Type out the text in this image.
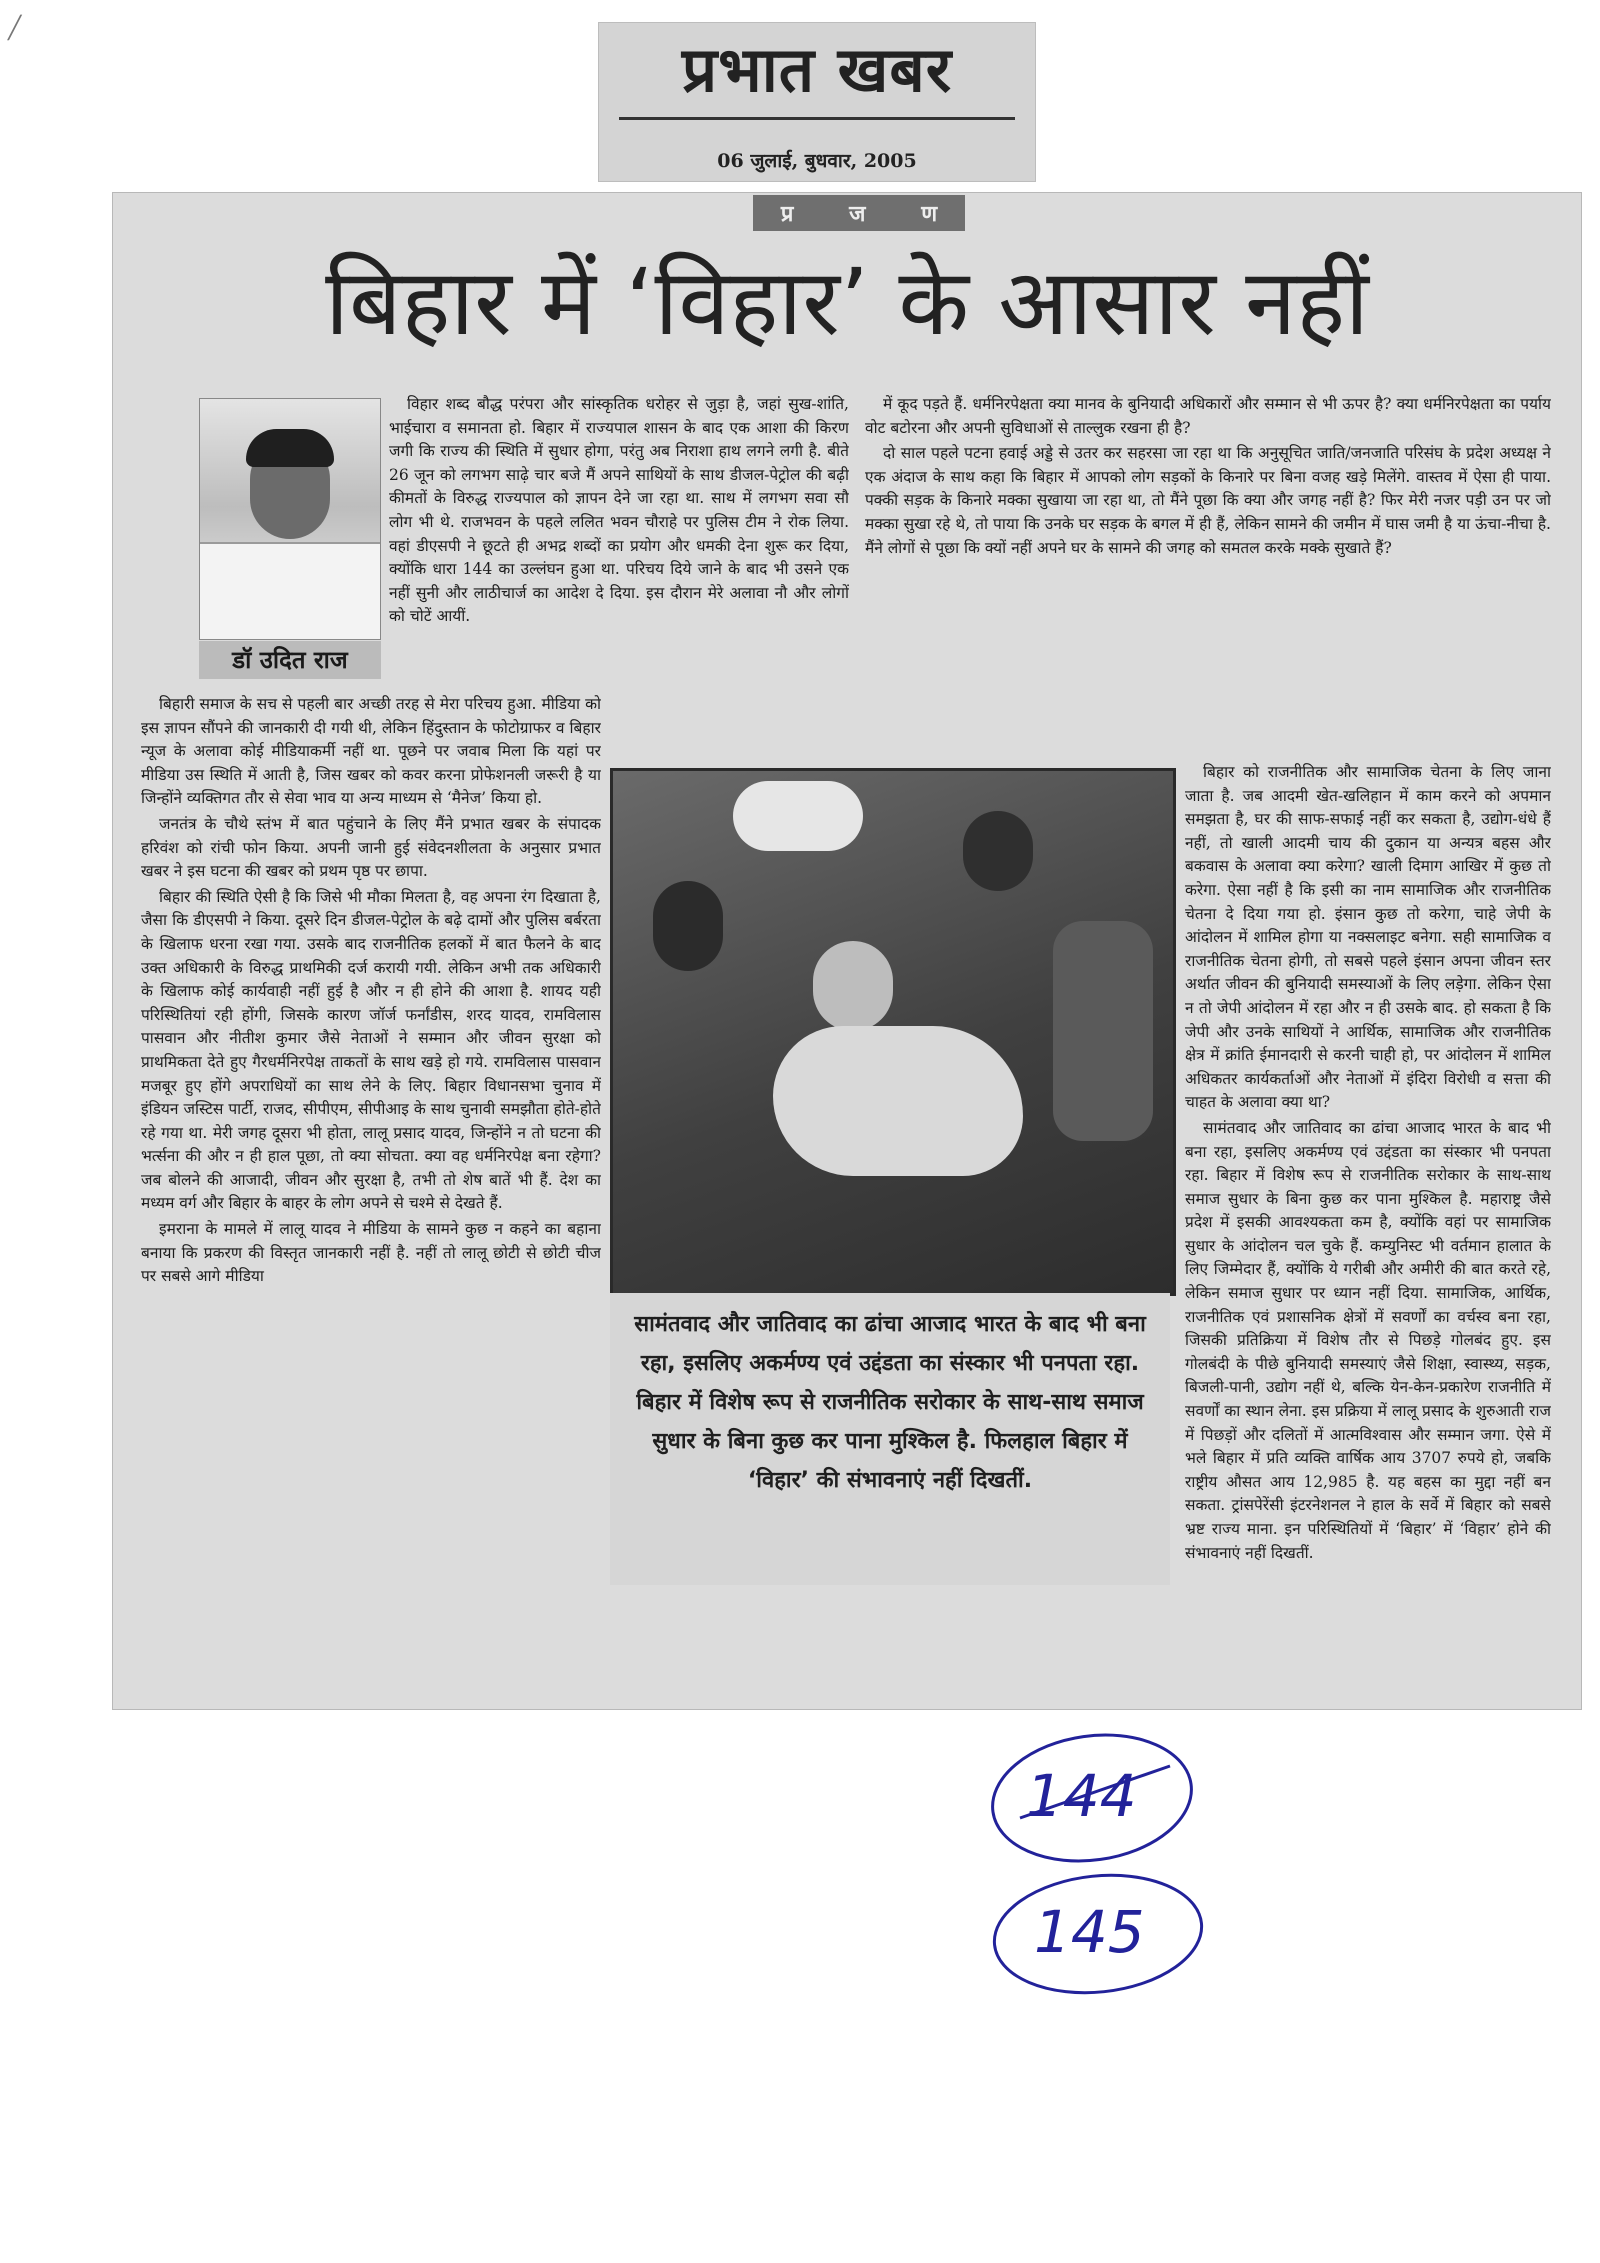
╱
प्रभात खबर
06 जुलाई, बुधवार, 2005
प्र	ज	ण
बिहार में ‘विहार’ के आसार नहीं
डॉ उदित राज

विहार शब्द बौद्ध परंपरा और सांस्कृतिक धरोहर से जुड़ा है, जहां सुख-शांति, भाईचारा व समानता हो. बिहार में राज्यपाल शासन के बाद एक आशा की किरण जगी कि राज्य की स्थिति में सुधार होगा, परंतु अब निराशा हाथ लगने लगी है. बीते 26 जून को लगभग साढ़े चार बजे मैं अपने साथियों के साथ डीजल-पेट्रोल की बढ़ी कीमतों के विरुद्ध राज्यपाल को ज्ञापन देने जा रहा था. साथ में लगभग सवा सौ लोग भी थे. राजभवन के पहले ललित भवन चौराहे पर पुलिस टीम ने रोक लिया. वहां डीएसपी ने छूटते ही अभद्र शब्दों का प्रयोग और धमकी देना शुरू कर दिया, क्योंकि धारा 144 का उल्लंघन हुआ था. परिचय दिये जाने के बाद भी उसने एक नहीं सुनी और लाठीचार्ज का आदेश दे दिया. इस दौरान मेरे अलावा नौ और लोगों को चोटें आयीं.

बिहारी समाज के सच से पहली बार अच्छी तरह से मेरा परिचय हुआ. मीडिया को इस ज्ञापन सौंपने की जानकारी दी गयी थी, लेकिन हिंदुस्तान के फोटोग्राफर व बिहार न्यूज के अलावा कोई मीडियाकर्मी नहीं था. पूछने पर जवाब मिला कि यहां पर मीडिया उस स्थिति में आती है, जिस खबर को कवर करना प्रोफेशनली जरूरी है या जिन्होंने व्यक्तिगत तौर से सेवा भाव या अन्य माध्यम से ‘मैनेज’ किया हो.

जनतंत्र के चौथे स्तंभ में बात पहुंचाने के लिए मैंने प्रभात खबर के संपादक हरिवंश को रांची फोन किया. अपनी जानी हुई संवेदनशीलता के अनुसार प्रभात खबर ने इस घटना की खबर को प्रथम पृष्ठ पर छापा.

बिहार की स्थिति ऐसी है कि जिसे भी मौका मिलता है, वह अपना रंग दिखाता है, जैसा कि डीएसपी ने किया. दूसरे दिन डीजल-पेट्रोल के बढ़े दामों और पुलिस बर्बरता के खिलाफ धरना रखा गया. उसके बाद राजनीतिक हलकों में बात फैलने के बाद उक्त अधिकारी के विरुद्ध प्राथमिकी दर्ज करायी गयी. लेकिन अभी तक अधिकारी के खिलाफ कोई कार्यवाही नहीं हुई है और न ही होने की आशा है. शायद यही परिस्थितियां रही होंगी, जिसके कारण जॉर्ज फर्नांडीस, शरद यादव, रामविलास पासवान और नीतीश कुमार जैसे नेताओं ने सम्मान और जीवन सुरक्षा को प्राथमिकता देते हुए गैरधर्मनिरपेक्ष ताकतों के साथ खड़े हो गये. रामविलास पासवान मजबूर हुए होंगे अपराधियों का साथ लेने के लिए. बिहार विधानसभा चुनाव में इंडियन जस्टिस पार्टी, राजद, सीपीएम, सीपीआइ के साथ चुनावी समझौता होते-होते रहे गया था. मेरी जगह दूसरा भी होता, लालू प्रसाद यादव, जिन्होंने न तो घटना की भर्त्सना की और न ही हाल पूछा, तो क्या सोचता. क्या वह धर्मनिरपेक्ष बना रहेगा? जब बोलने की आजादी, जीवन और सुरक्षा है, तभी तो शेष बातें भी हैं. देश का मध्यम वर्ग और बिहार के बाहर के लोग अपने से चश्मे से देखते हैं.

इमराना के मामले में लालू यादव ने मीडिया के सामने कुछ न कहने का बहाना बनाया कि प्रकरण की विस्तृत जानकारी नहीं है. नहीं तो लालू छोटी से छोटी चीज पर सबसे आगे मीडिया

में कूद पड़ते हैं. धर्मनिरपेक्षता क्या मानव के बुनियादी अधिकारों और सम्मान से भी ऊपर है? क्या धर्मनिरपेक्षता का पर्याय वोट बटोरना और अपनी सुविधाओं से ताल्लुक रखना ही है?

दो साल पहले पटना हवाई अड्डे से उतर कर सहरसा जा रहा था कि अनुसूचित जाति/जनजाति परिसंघ के प्रदेश अध्यक्ष ने एक अंदाज के साथ कहा कि बिहार में आपको लोग सड़कों के किनारे पर बिना वजह खड़े मिलेंगे. वास्तव में ऐसा ही पाया. पक्की सड़क के किनारे मक्का सुखाया जा रहा था, तो मैंने पूछा कि क्या और जगह नहीं है? फिर मेरी नजर पड़ी उन पर जो मक्का सुखा रहे थे, तो पाया कि उनके घर सड़क के बगल में ही हैं, लेकिन सामने की जमीन में घास जमी है या ऊंचा-नीचा है. मैंने लोगों से पूछा कि क्यों नहीं अपने घर के सामने की जगह को समतल करके मक्के सुखाते हैं?

बिहार को राजनीतिक और सामाजिक चेतना के लिए जाना जाता है. जब आदमी खेत-खलिहान में काम करने को अपमान समझता है, घर की साफ-सफाई नहीं कर सकता है, उद्योग-धंधे हैं नहीं, तो खाली आदमी चाय की दुकान या अन्यत्र बहस और बकवास के अलावा क्या करेगा? खाली दिमाग आखिर में कुछ तो करेगा. ऐसा नहीं है कि इसी का नाम सामाजिक और राजनीतिक चेतना दे दिया गया हो. इंसान कुछ तो करेगा, चाहे जेपी के आंदोलन में शामिल होगा या नक्सलाइट बनेगा. सही सामाजिक व राजनीतिक चेतना होगी, तो सबसे पहले इंसान अपना जीवन स्तर अर्थात जीवन की बुनियादी समस्याओं के लिए लड़ेगा. लेकिन ऐसा न तो जेपी आंदोलन में रहा और न ही उसके बाद. हो सकता है कि जेपी और उनके साथियों ने आर्थिक, सामाजिक और राजनीतिक क्षेत्र में क्रांति ईमानदारी से करनी चाही हो, पर आंदोलन में शामिल अधिकतर कार्यकर्ताओं और नेताओं में इंदिरा विरोधी व सत्ता की चाहत के अलावा क्या था?

सामंतवाद और जातिवाद का ढांचा आजाद भारत के बाद भी बना रहा, इसलिए अकर्मण्य एवं उद्दंडता का संस्कार भी पनपता रहा. बिहार में विशेष रूप से राजनीतिक सरोकार के साथ-साथ समाज सुधार के बिना कुछ कर पाना मुश्किल है. महाराष्ट्र जैसे प्रदेश में इसकी आवश्यकता कम है, क्योंकि वहां पर सामाजिक सुधार के आंदोलन चल चुके हैं. कम्युनिस्ट भी वर्तमान हालात के लिए जिम्मेदार हैं, क्योंकि ये गरीबी और अमीरी की बात करते रहे, लेकिन समाज सुधार पर ध्यान नहीं दिया. सामाजिक, आर्थिक, राजनीतिक एवं प्रशासनिक क्षेत्रों में सवर्णों का वर्चस्व बना रहा, जिसकी प्रतिक्रिया में विशेष तौर से पिछड़े गोलबंद हुए. इस गोलबंदी के पीछे बुनियादी समस्याएं जैसे शिक्षा, स्वास्थ्य, सड़क, बिजली-पानी, उद्योग नहीं थे, बल्कि येन-केन-प्रकारेण राजनीति में सवर्णों का स्थान लेना. इस प्रक्रिया में लालू प्रसाद के शुरुआती राज में पिछड़ों और दलितों में आत्मविश्वास और सम्मान जगा. ऐसे में भले बिहार में प्रति व्यक्ति वार्षिक आय 3707 रुपये हो, जबकि राष्ट्रीय औसत आय 12,985 है. यह बहस का मुद्दा नहीं बन सकता. ट्रांसपेरेंसी इंटरनेशनल ने हाल के सर्वे में बिहार को सबसे भ्रष्ट राज्य माना. इन परिस्थितियों में ‘बिहार’ में ‘विहार’ होने की संभावनाएं नहीं दिखतीं.

सामंतवाद और जातिवाद का ढांचा आजाद भारत के बाद भी बना रहा, इसलिए अकर्मण्य एवं उद्दंडता का संस्कार भी पनपता रहा. बिहार में विशेष रूप से राजनीतिक सरोकार के साथ-साथ समाज सुधार के बिना कुछ कर पाना मुश्किल है. फिलहाल बिहार में ‘विहार’ की संभावनाएं नहीं दिखतीं.
144
145
